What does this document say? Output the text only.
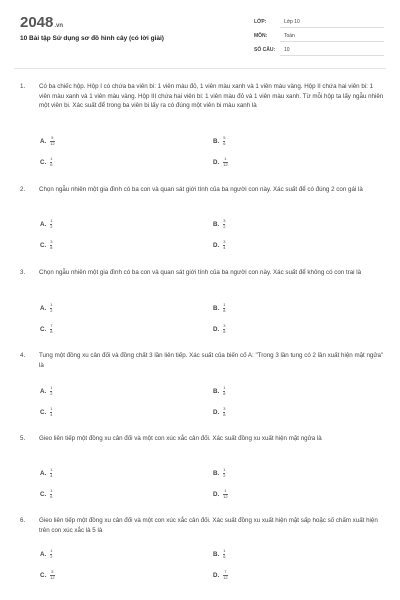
2048.vn
10 Bài tập Sử dụng sơ đồ hình cây (có lời giải)
LỚP:	Lớp 10
MÔN:	Toán
SỐ CÂU: 10
1. Có ba chiếc hộp. Hộp I có chứa ba viên bi: 1 viên màu đỏ, 1 viên màu xanh và 1 viên màu vàng. Hộp II chứa hai viên bi: 1 viên màu xanh và 1 viên màu vàng. Hộp III chứa hai viên bi: 1 viên màu đỏ và 1 viên màu xanh. Từ mỗi hộp ta lấy ngẫu nhiên một viên bi. Xác suất để trong ba viên bi lấy ra có đúng một viên bi màu xanh là
A. $\frac{5}{12}$	B. $\frac{5}{6}$
C. $\frac{1}{6}$	D. $\frac{1}{12}$
2. Chọn ngẫu nhiên một gia đình có ba con và quan sát giới tính của ba người con này. Xác suất để có đúng 2 con gái là
A. $\frac{1}{2}$	B. $\frac{3}{2}$
C. $\frac{3}{8}$	D. $\frac{3}{4}$
3. Chọn ngẫu nhiên một gia đình có ba con và quan sát giới tính của ba người con này. Xác suất để không có con trai là
A. $\frac{1}{2}$	B. $\frac{1}{8}$
C. $\frac{7}{8}$	D. $\frac{3}{8}$
4. Tung một đồng xu cân đối và đồng chất 3 lần liên tiếp. Xác suất của biến cố A: "Trong 3 lần tung có 2 lần xuất hiện mặt ngửa" là
A. $\frac{1}{2}$	B. $\frac{1}{8}$
C. $\frac{1}{4}$	D. $\frac{3}{8}$
5. Gieo liên tiếp một đồng xu cân đối và một con xúc xắc cân đối. Xác suất đồng xu xuất hiện mặt ngửa là
A. $\frac{1}{4}$	B. $\frac{1}{2}$
C. $\frac{1}{6}$	D. $\frac{1}{12}$
6. Gieo liên tiếp một đồng xu cân đối và một con xúc xắc cân đối. Xác suất đồng xu xuất hiện mặt sấp hoặc số chấm xuất hiện trên con xúc xắc là 5 là
A. $\frac{1}{2}$	B. $\frac{1}{6}$
C. $\frac{5}{12}$	D. $\frac{7}{12}$
